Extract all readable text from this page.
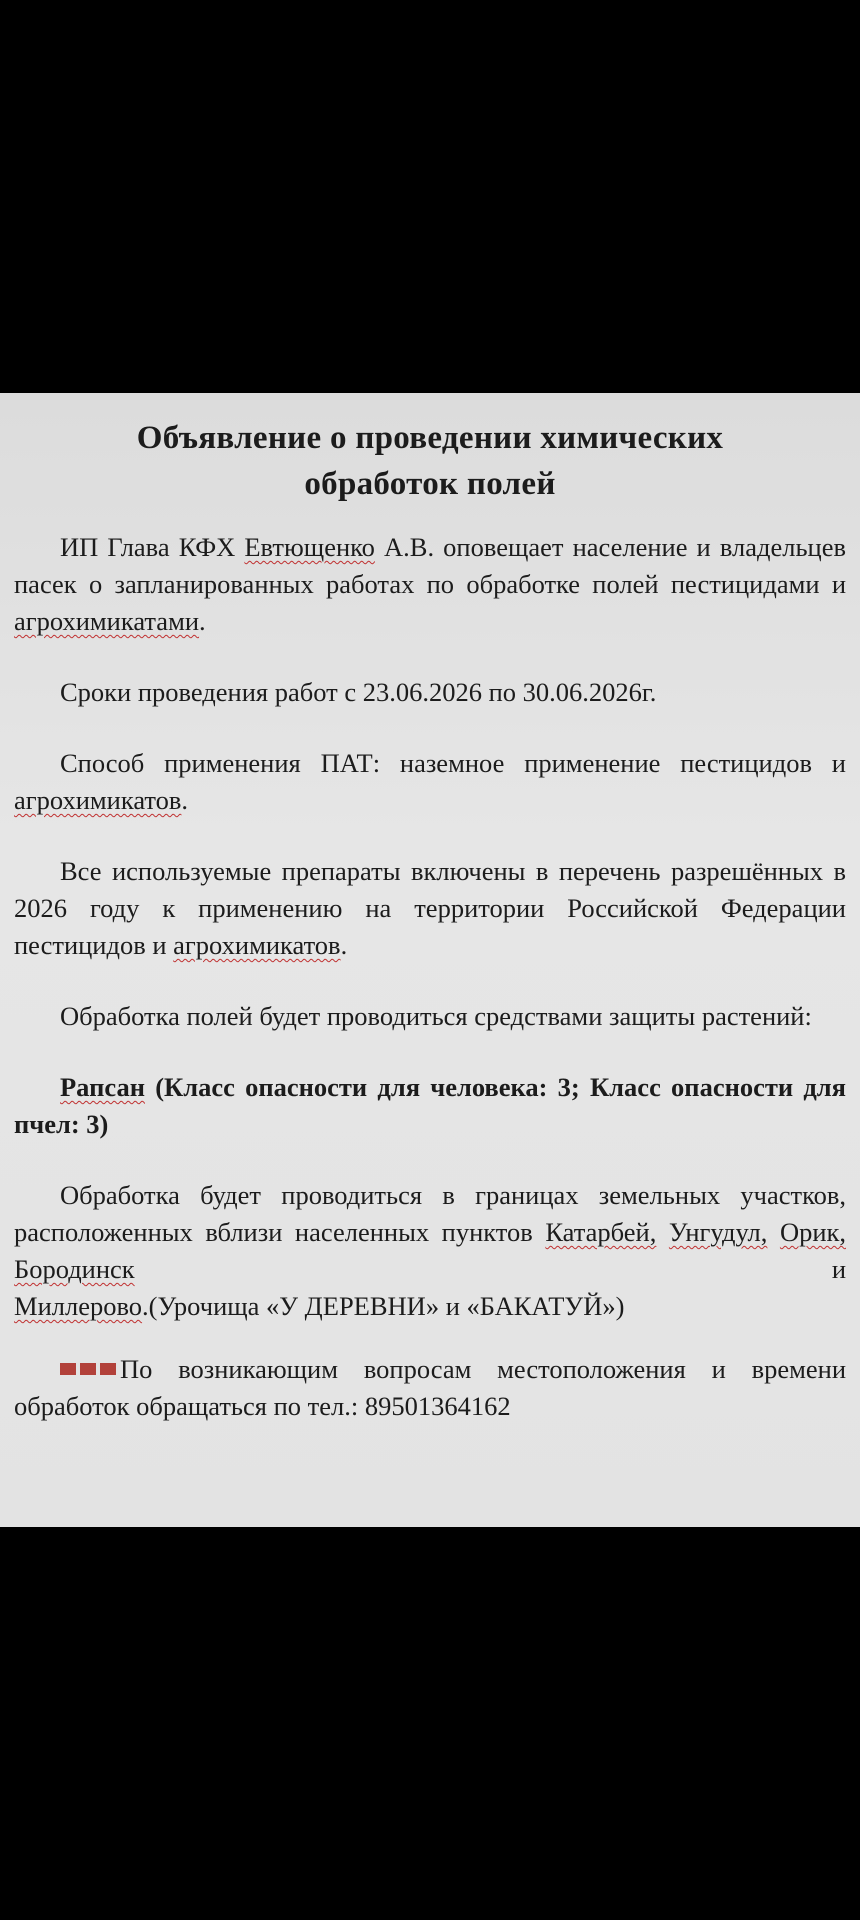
Объявление о проведении химических
обработок полей

ИП Глава КФХ Евтющенко А.В. оповещает население и владельцев пасек о запланированных работах по обработке полей пестицидами и агрохимикатами.

Сроки проведения работ с 23.06.2026 по 30.06.2026г.

Способ применения ПАТ: наземное применение пестицидов и агрохимикатов.

Все используемые препараты включены в перечень разрешённых в 2026 году к применению на территории Российской Федерации пестицидов и агрохимикатов.

Обработка полей будет проводиться средствами защиты растений:

Рапсан (Класс опасности для человека: 3; Класс опасности для пчел: 3)

Обработка будет проводиться в границах земельных участков, расположенных вблизи населенных пунктов Катарбей, Унгудул, Орик, Бородинск	и

Миллерово.(Урочища «У ДЕРЕВНИ» и «БАКАТУЙ»)

По возникающим вопросам местоположения и времени обработок обращаться по тел.: 89501364162
